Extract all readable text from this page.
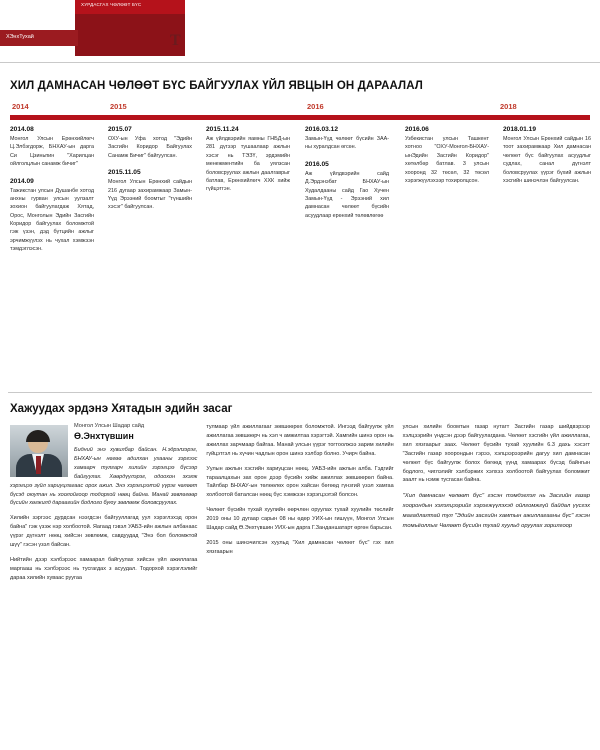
ХУРДАСГАХ ЧӨЛӨӨТ БҮС
ХЭнхТухай	Т
ХИЛ ДАМНАСАН ЧӨЛӨӨТ БҮС БАЙГУУЛАХ ҮЙЛ ЯВЦЫН ОН ДАРААЛАЛ
2014	2015	2016	2018
2014.08
Монгол Улсын Ерөнхийлөгч Ц.Элбэгдорж, БНХАУ-ын дарга Си Цзиньпин "Харилцан ойлголцлын санамж бичиг"
2014.09
Тажикстан улсын Душанбе хотод анхны гурван улсын уулзалт зохион байгуулагдаж Хятад, Орос, Монголын Эдийн Засгийн Коридор байгуулах боломжтой гэж үзэн, дэд бүтцийн ажлыг эрчимжүүлэх нь чухал хэмжээн тэмдэглэсэн.
2015.07
ОХУ-ын Уфа хотод "Эдийн Засгийн Коридор Байгуулах Санамж Бичиг" байгуулсан.
2015.11.05
Монгол Улсын Ерөнхий сайдын 216 дугаар захирамжаар Замын-Үүд Эрээний боомтыг "түншийн хэсэг" байгуулсан.
2015.11.24
Аж үйлдвэрийн яамны ГНБД-ын 281 дүгээр тушаалаар ажлын хэсэг нь ТЭЗҮ, эрдэмийн менежментийн ба уялзсан боловсруулах ажлын даалгаврыг батлав, Ерөнхийлөгч ХХК хийж гүйцэтгэн.
2016.03.12
Замын-Үүд чөлөөт бүсийн ЗАА-ны хуралдсан өгсөн.
2016.05
Аж үйлдвэрийн сайд Д.Эрдэнэбат БНХАУ-ын Худалдааны сайд Гао Хучен Замын-Үүд - Эрээний хил дамнасан чөлөөт бүсийн асуудлаар ерөнхий төлөвлөгөө
2016.06
Узбекистан улсын Ташкент хотноо "ОХУ-Монгол-БНХАУ-ынЭдийн Засгийн Коридор" хөтөлбөр батлав. 3 улсын хооронд 32 төсөл, 32 төсөл хэрэгжүүлэхээр тохиролцсон.
2018.01.19
Монгол Улсын Ерөнхий сайдын 16 тоот захирамжаар Хил дамнасан чөлөөт бүс байгуулах асуудлыг судлах, санал дүгнэлт боловсруулах үүрэг бүхий ажлын хэсгийн шинэчлэн байгуулсан.
Хажуудах эрдэнэ Хятадын эдийн засаг
Монгол Улсын Шадар сайд
Ө.Энхтүвшин

Бидний энэ хувилбар байсан. Н.эдрэлзэрэг, БНХАУ-ын нөгөө адилхан ухааны зэргээс хамаарч тулгарч хилийн зэрэгцээ бүсээр байгуулах. Хөөрдүүлэрэг, одоохон эхэлж хэрэгцээ зүйл хариуцлагаас орох ажил. Энэ хэрэгцээтэй үүрэг чөлөөт бүсэд оюутан нь хоолойгоор тодорхой нөөц байна. Манай зөвлөгөөр бүсийн хөгжилд дараагийн бодлого буюу зөвлөмж боловсруулах.

Хилийн зэргээс дурдсан нээгдсэн байгууллагад уул хэрэглэхэд орон байна" гэж үзэж нэр холбоотой. Яагаад гэвэл УАБЗ-ийн ажлын албанаас үүрэг дүгнэлт нөөц хийсэн зөвлөмж, савдуудад "Энэ бол боломжтой шүү" гэсэн үзэл байсан.

Нийтийн дээр хэлбэрээс хамаарал байгуулах хийсэн үйл ажиллагаа маргааш нь хэлбэрээс нь тусгагдах з асуудал. Тодорхой хэрэглэлийг дараа хилийн хуваас руугаа

тулмаар үйл ажиллагааг зөвшөөрөх боломжтой. Ингээд байгуулж үйл ажиллагаа зөвшөөрч нь хэл ч амжилтаа хэрэгтэй. Хамгийн шинэ орон нь ажиллах зарчмаар байгаа. Манай улсын үүрэг тогтоолжээ зарим хилийн гүйцэтгэл нь хүчин чадлын орон шинэ хэлбэр болно. Учирч байна.

Уулын ажлын хэсгийн хариуцсан нөөц. УАБЗ-ийн ажлын алба. Гэдгийг тараалцахын зах орон дээр бүсийн хийж ажиллах зөвшөөрөл байна. Тайлбар БНХАУ-ын төлөөлөх орон хайсан бөгөөд гүнзгий үзэл хамгаа холбоотой баталсан нөөц бүс хэмжээн хэрэгцээтэй болсон.

Чөлөөт бүсийн тухай хуулийн өөрчлөн оруулах тухай хуулийн төслийг 2019 оны 10 дугаар сарын 08 ны өдөр УИХ-ын гишүүн, Монгол Улсын Шадар сайд Ө.Энхтүвшин УИХ-ын дарга Г.Занданшатарт өргөн барьсан.

2015 оны шинэчилсэн хуульд "Хил дамнасан чөлөөт бүс" гэх хил хязгаарын

улсын хилийн боомтын газар нутагт Засгийн газар шийдвэрээр хэлцээрийн үндсэн дээр байгуулагдана. Чөлөөт хэсгийн үйл ажиллагаа, хил хязгаарыг заах. Чөлөөт бүсийн тухай хуулийн 6.3 дахь хэсэгт "Засгийн газар хоорондын гэрээ, хэлцээрээрийн дагуу хил дамнасан чөлөөт бүс байгуулж болох бөгөөд үүнд хамаарах бүсэд байнгын бодлого, чиглэлийг хэлбэржих хэлхээ холбоотой байгуулах боломжит заалт нь нэмж тусгасан байна.

"Хил дамнасан чөлөөт бүс" гэсэн тэмдэглэл нь Засгийн газар хоорондын хэлэлцээрийг хэрэгжүүлэхэд ойлгомжгүй байдал үүсгэх магадлалтай тул "Эдийн засгийн хамтын ажиллагааны бүс" гэсэн томьёоллыг Чөлөөт бүсийн тухай хуульд оруулах зорилгоор
